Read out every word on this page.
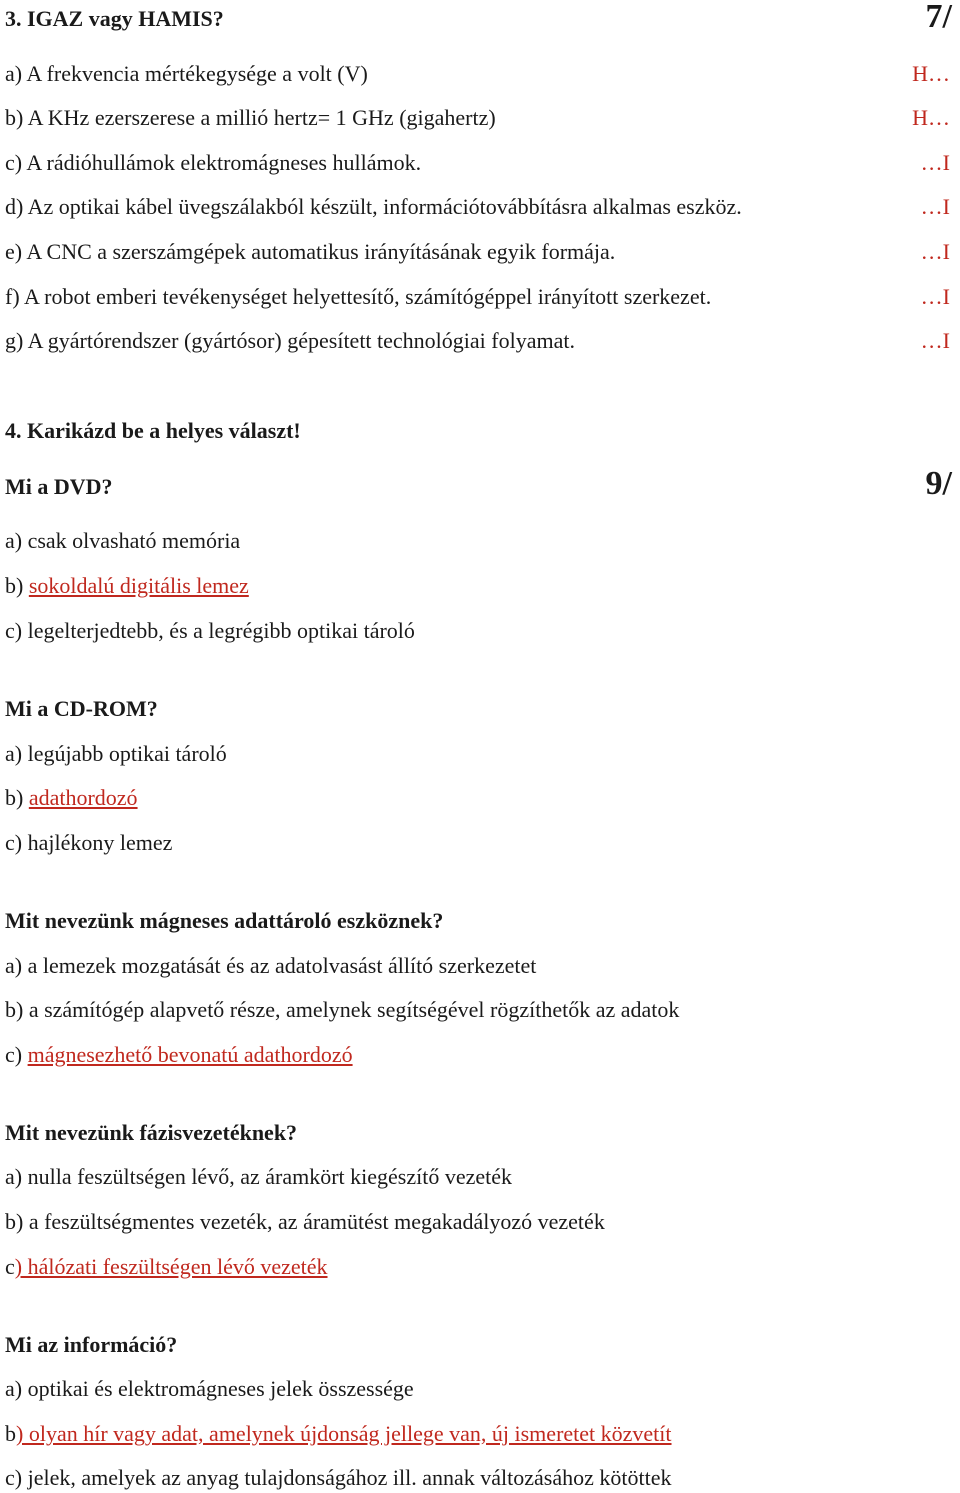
3. IGAZ vagy HAMIS?	7/
a) A frekvencia mértékegysége a volt (V)	H…
b) A KHz ezerszerese a millió hertz= 1 GHz (gigahertz)	H…
c) A rádióhullámok elektromágneses hullámok.	…I
d) Az optikai kábel üvegszálakból készült, információtovábbításra alkalmas eszköz.	…I
e) A CNC a szerszámgépek automatikus irányításának egyik formája.	…I
f) A robot emberi tevékenységet helyettesítő, számítógéppel irányított szerkezet.	…I
g) A gyártórendszer (gyártósor) gépesített technológiai folyamat.	…I
4. Karikázd be a helyes választ!
Mi a DVD?	9/
a) csak olvasható memória
b) sokoldalú digitális lemez
c) legelterjedtebb, és a legrégibb optikai tároló
Mi a CD-ROM?
a) legújabb optikai tároló
b) adathordozó
c) hajlékony lemez
Mit nevezünk mágneses adattároló eszköznek?
a) a lemezek mozgatását és az adatolvasást állító szerkezetet
b) a számítógép alapvető része, amelynek segítségével rögzíthetők az adatok
c) mágnesezhető bevonatú adathordozó
Mit nevezünk fázisvezetéknek?
a) nulla feszültségen lévő, az áramkört kiegészítő vezeték
b) a feszültségmentes vezeték, az áramütést megakadályozó vezeték
c) hálózati feszültségen lévő vezeték
Mi az információ?
a) optikai és elektromágneses jelek összessége
b) olyan hír vagy adat, amelynek újdonság jellege van, új ismeretet közvetít
c) jelek, amelyek az anyag tulajdonságához ill. annak változásához kötöttek
